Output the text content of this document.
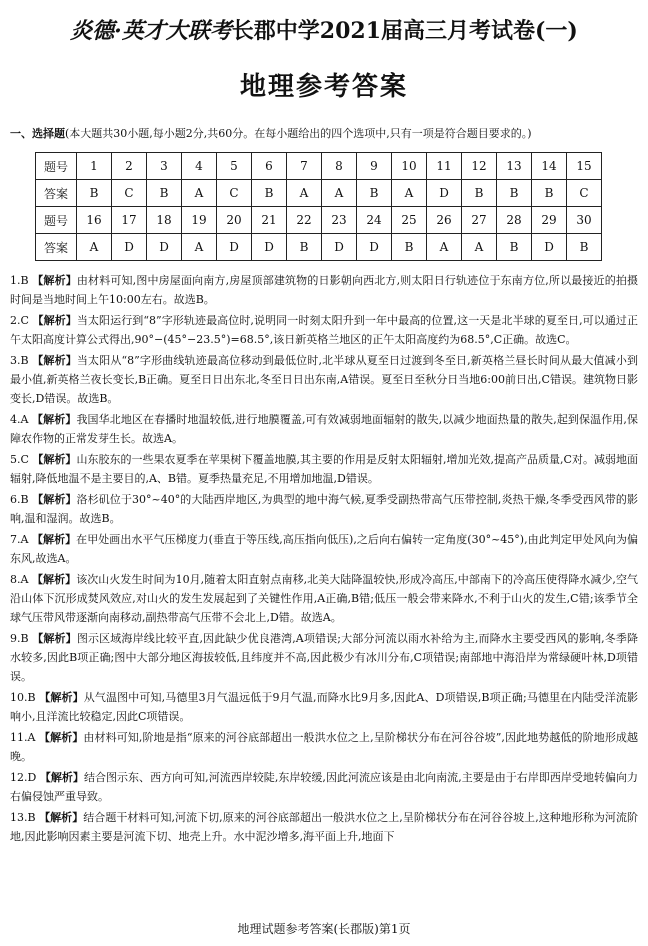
炎德·英才大联考长郡中学2021届高三月考试卷(一)
地理参考答案
一、选择题(本大题共30小题,每小题2分,共60分。在每小题给出的四个选项中,只有一项是符合题目要求的。)
题号	1	2	3	4	5	6	7	8	9	10	11	12	13	14	15
答案	B	C	B	A	C	B	A	A	B	A	D	B	B	B	C
题号	16	17	18	19	20	21	22	23	24	25	26	27	28	29	30
答案	A	D	D	A	D	D	B	D	D	B	A	A	B	D	B
1.B 【解析】由材料可知,图中房屋面向南方,房屋顶部建筑物的日影朝向西北方,则太阳日行轨迹位于东南方位,所以最接近的拍摄时间是当地时间上午10:00左右。故选B。
2.C 【解析】当太阳运行到“8”字形轨迹最高位时,说明同一时刻太阳升到一年中最高的位置,这一天是北半球的夏至日,可以通过正午太阳高度计算公式得出,90°−(45°−23.5°)=68.5°,该日新英格兰地区的正午太阳高度约为68.5°,C正确。故选C。
3.B 【解析】当太阳从“8”字形曲线轨迹最高位移动到最低位时,北半球从夏至日过渡到冬至日,新英格兰昼长时间从最大值减小到最小值,新英格兰夜长变长,B正确。夏至日日出东北,冬至日日出东南,A错误。夏至日至秋分日当地6:00前日出,C错误。建筑物日影变长,D错误。故选B。
4.A 【解析】我国华北地区在春播时地温较低,进行地膜覆盖,可有效减弱地面辐射的散失,以减少地面热量的散失,起到保温作用,保障农作物的正常发芽生长。故选A。
5.C 【解析】山东胶东的一些果农夏季在苹果树下覆盖地膜,其主要的作用是反射太阳辐射,增加光效,提高产品质量,C对。减弱地面辐射,降低地温不是主要目的,A、B错。夏季热量充足,不用增加地温,D错误。
6.B 【解析】洛杉矶位于30°~40°的大陆西岸地区,为典型的地中海气候,夏季受副热带高气压带控制,炎热干燥,冬季受西风带的影响,温和湿润。故选B。
7.A 【解析】在甲处画出水平气压梯度力(垂直于等压线,高压指向低压),之后向右偏转一定角度(30°~45°),由此判定甲处风向为偏东风,故选A。
8.A 【解析】该次山火发生时间为10月,随着太阳直射点南移,北美大陆降温较快,形成冷高压,中部南下的冷高压使得降水减少,空气沿山体下沉形成焚风效应,对山火的发生发展起到了关键性作用,A正确,B错;低压一般会带来降水,不利于山火的发生,C错;该季节全球气压带风带逐渐向南移动,副热带高气压带不会北上,D错。故选A。
9.B 【解析】图示区域海岸线比较平直,因此缺少优良港湾,A项错误;大部分河流以雨水补给为主,而降水主要受西风的影响,冬季降水较多,因此B项正确;图中大部分地区海拔较低,且纬度并不高,因此极少有冰川分布,C项错误;南部地中海沿岸为常绿硬叶林,D项错误。
10.B 【解析】从气温图中可知,马德里3月气温远低于9月气温,而降水比9月多,因此A、D项错误,B项正确;马德里在内陆受洋流影响小,且洋流比较稳定,因此C项错误。
11.A 【解析】由材料可知,阶地是指“原来的河谷底部超出一般洪水位之上,呈阶梯状分布在河谷谷坡”,因此地势越低的阶地形成越晚。
12.D 【解析】结合图示东、西方向可知,河流西岸较陡,东岸较缓,因此河流应该是由北向南流,主要是由于右岸即西岸受地转偏向力右偏侵蚀严重导致。
13.B 【解析】结合题干材料可知,河流下切,原来的河谷底部超出一般洪水位之上,呈阶梯状分布在河谷谷坡上,这种地形称为河流阶地,因此影响因素主要是河流下切、地壳上升。水中泥沙增多,海平面上升,地面下
地理试题参考答案(长郡版)第1页
